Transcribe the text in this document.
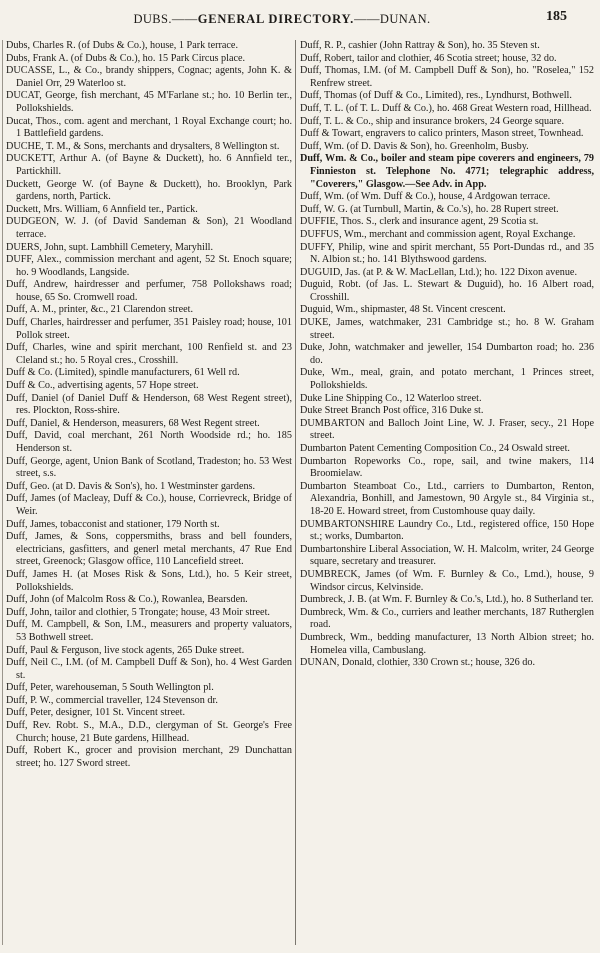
DUBS.——GENERAL DIRECTORY.——DUNAN.	185

Dubs, Charles R. (of Dubs & Co.), house, 1 Park terrace.

Dubs, Frank A. (of Dubs & Co.), ho. 15 Park Circus place.

DUCASSE, L., & Co., brandy shippers, Cognac; agents, John K. & Daniel Orr, 29 Waterloo st.

DUCAT, George, fish merchant, 45 M'Farlane st.; ho. 10 Berlin ter., Pollokshields.

Ducat, Thos., com. agent and merchant, 1 Royal Exchange court; ho. 1 Battlefield gardens.

DUCHE, T. M., & Sons, merchants and drysalters, 8 Wellington st.

DUCKETT, Arthur A. (of Bayne & Duckett), ho. 6 Annfield ter., Partickhill.

Duckett, George W. (of Bayne & Duckett), ho. Brooklyn, Park gardens, north, Partick.

Duckett, Mrs. William, 6 Annfield ter., Partick.

DUDGEON, W. J. (of David Sandeman & Son), 21 Woodland terrace.

DUERS, John, supt. Lambhill Cemetery, Maryhill.

DUFF, Alex., commission merchant and agent, 52 St. Enoch square; ho. 9 Woodlands, Langside.

Duff, Andrew, hairdresser and perfumer, 758 Pollokshaws road; house, 65 So. Cromwell road.

Duff, A. M., printer, &c., 21 Clarendon street.

Duff, Charles, hairdresser and perfumer, 351 Paisley road; house, 101 Pollok street.

Duff, Charles, wine and spirit merchant, 100 Renfield st. and 23 Cleland st.; ho. 5 Royal cres., Crosshill.

Duff & Co. (Limited), spindle manufacturers, 61 Well rd.

Duff & Co., advertising agents, 57 Hope street.

Duff, Daniel (of Daniel Duff & Henderson, 68 West Regent street), res. Plockton, Ross-shire.

Duff, Daniel, & Henderson, measurers, 68 West Regent street.

Duff, David, coal merchant, 261 North Woodside rd.; ho. 185 Henderson st.

Duff, George, agent, Union Bank of Scotland, Tradeston; ho. 53 West street, s.s.

Duff, Geo. (at D. Davis & Son's), ho. 1 Westminster gardens.

Duff, James (of Macleay, Duff & Co.), house, Corrievreck, Bridge of Weir.

Duff, James, tobacconist and stationer, 179 North st.

Duff, James, & Sons, coppersmiths, brass and bell founders, electricians, gasfitters, and generl metal merchants, 47 Rue End street, Greenock; Glasgow office, 110 Lancefield street.

Duff, James H. (at Moses Risk & Sons, Ltd.), ho. 5 Keir street, Pollokshields.

Duff, John (of Malcolm Ross & Co.), Rowanlea, Bearsden.

Duff, John, tailor and clothier, 5 Trongate; house, 43 Moir street.

Duff, M. Campbell, & Son, I.M., measurers and property valuators, 53 Bothwell street.

Duff, Paul & Ferguson, live stock agents, 265 Duke street.

Duff, Neil C., I.M. (of M. Campbell Duff & Son), ho. 4 West Garden st.

Duff, Peter, warehouseman, 5 South Wellington pl.

Duff, P. W., commercial traveller, 124 Stevenson dr.

Duff, Peter, designer, 101 St. Vincent street.

Duff, Rev. Robt. S., M.A., D.D., clergyman of St. George's Free Church; house, 21 Bute gardens, Hillhead.

Duff, Robert K., grocer and provision merchant, 29 Dunchattan street; ho. 127 Sword street.

Duff, R. P., cashier (John Rattray & Son), ho. 35 Steven st.

Duff, Robert, tailor and clothier, 46 Scotia street; house, 32 do.

Duff, Thomas, I.M. (of M. Campbell Duff & Son), ho. "Roselea," 152 Renfrew street.

Duff, Thomas (of Duff & Co., Limited), res., Lyndhurst, Bothwell.

Duff, T. L. (of T. L. Duff & Co.), ho. 468 Great Western road, Hillhead.

Duff, T. L. & Co., ship and insurance brokers, 24 George square.

Duff & Towart, engravers to calico printers, Mason street, Townhead.

Duff, Wm. (of D. Davis & Son), ho. Greenholm, Busby.

Duff, Wm. & Co., boiler and steam pipe coverers and engineers, 79 Finnieston st. Telephone No. 4771; telegraphic address, "Coverers," Glasgow.—See Adv. in App.

Duff, Wm. (of Wm. Duff & Co.), house, 4 Ardgowan terrace.

Duff, W. G. (at Turnbull, Martin, & Co.'s), ho. 28 Rupert street.

DUFFIE, Thos. S., clerk and insurance agent, 29 Scotia st.

DUFFUS, Wm., merchant and commission agent, Royal Exchange.

DUFFY, Philip, wine and spirit merchant, 55 Port-Dundas rd., and 35 N. Albion st.; ho. 141 Blythswood gardens.

DUGUID, Jas. (at P. & W. MacLellan, Ltd.); ho. 122 Dixon avenue.

Duguid, Robt. (of Jas. L. Stewart & Duguid), ho. 16 Albert road, Crosshill.

Duguid, Wm., shipmaster, 48 St. Vincent crescent.

DUKE, James, watchmaker, 231 Cambridge st.; ho. 8 W. Graham street.

Duke, John, watchmaker and jeweller, 154 Dumbarton road; ho. 236 do.

Duke, Wm., meal, grain, and potato merchant, 1 Princes street, Pollokshields.

Duke Line Shipping Co., 12 Waterloo street.

Duke Street Branch Post office, 316 Duke st.

DUMBARTON and Balloch Joint Line, W. J. Fraser, secy., 21 Hope street.

Dumbarton Patent Cementing Composition Co., 24 Oswald street.

Dumbarton Ropeworks Co., rope, sail, and twine makers, 114 Broomielaw.

Dumbarton Steamboat Co., Ltd., carriers to Dumbarton, Renton, Alexandria, Bonhill, and Jamestown, 90 Argyle st., 84 Virginia st., 18-20 E. Howard street, from Customhouse quay daily.

DUMBARTONSHIRE Laundry Co., Ltd., registered office, 150 Hope st.; works, Dumbarton.

Dumbartonshire Liberal Association, W. H. Malcolm, writer, 24 George square, secretary and treasurer.

DUMBRECK, James (of Wm. F. Burnley & Co., Lmd.), house, 9 Windsor circus, Kelvinside.

Dumbreck, J. B. (at Wm. F. Burnley & Co.'s, Ltd.), ho. 8 Sutherland ter.

Dumbreck, Wm. & Co., curriers and leather merchants, 187 Rutherglen road.

Dumbreck, Wm., bedding manufacturer, 13 North Albion street; ho. Homelea villa, Cambuslang.

DUNAN, Donald, clothier, 330 Crown st.; house, 326 do.
